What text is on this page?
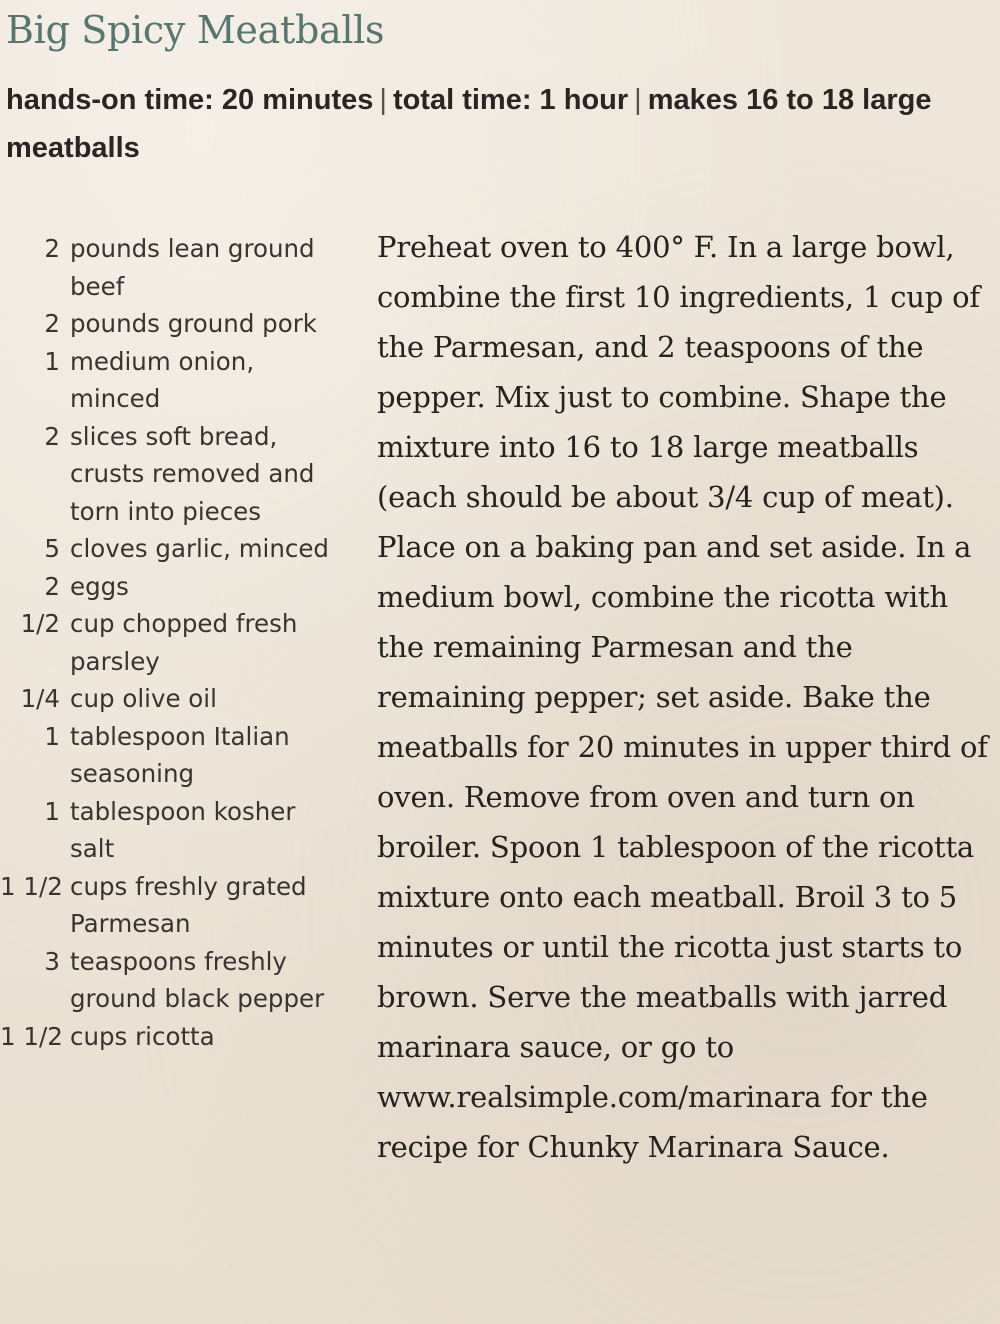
Big Spicy Meatballs

hands-on time: 20 minutes | total time: 1 hour | makes 16 to 18 large meatballs

2 pounds lean ground beef
2 pounds ground pork
1 medium onion, minced
2 slices soft bread, crusts removed and torn into pieces
5 cloves garlic, minced
2 eggs
1/2 cup chopped fresh parsley
1/4 cup olive oil
1 tablespoon Italian seasoning
1 tablespoon kosher salt
1 1/2 cups freshly grated Parmesan
3 teaspoons freshly ground black pepper
1 1/2 cups ricotta

Preheat oven to 400° F. In a large bowl, combine the first 10 ingredients, 1 cup of the Parmesan, and 2 teaspoons of the pepper. Mix just to combine. Shape the mixture into 16 to 18 large meatballs (each should be about 3/4 cup of meat). Place on a baking pan and set aside. In a medium bowl, combine the ricotta with the remaining Parmesan and the remaining pepper; set aside. Bake the meatballs for 20 minutes in upper third of oven. Remove from oven and turn on broiler. Spoon 1 tablespoon of the ricotta mixture onto each meatball. Broil 3 to 5 minutes or until the ricotta just starts to brown. Serve the meatballs with jarred marinara sauce, or go to www.realsimple.com/marinara for the recipe for Chunky Marinara Sauce.
